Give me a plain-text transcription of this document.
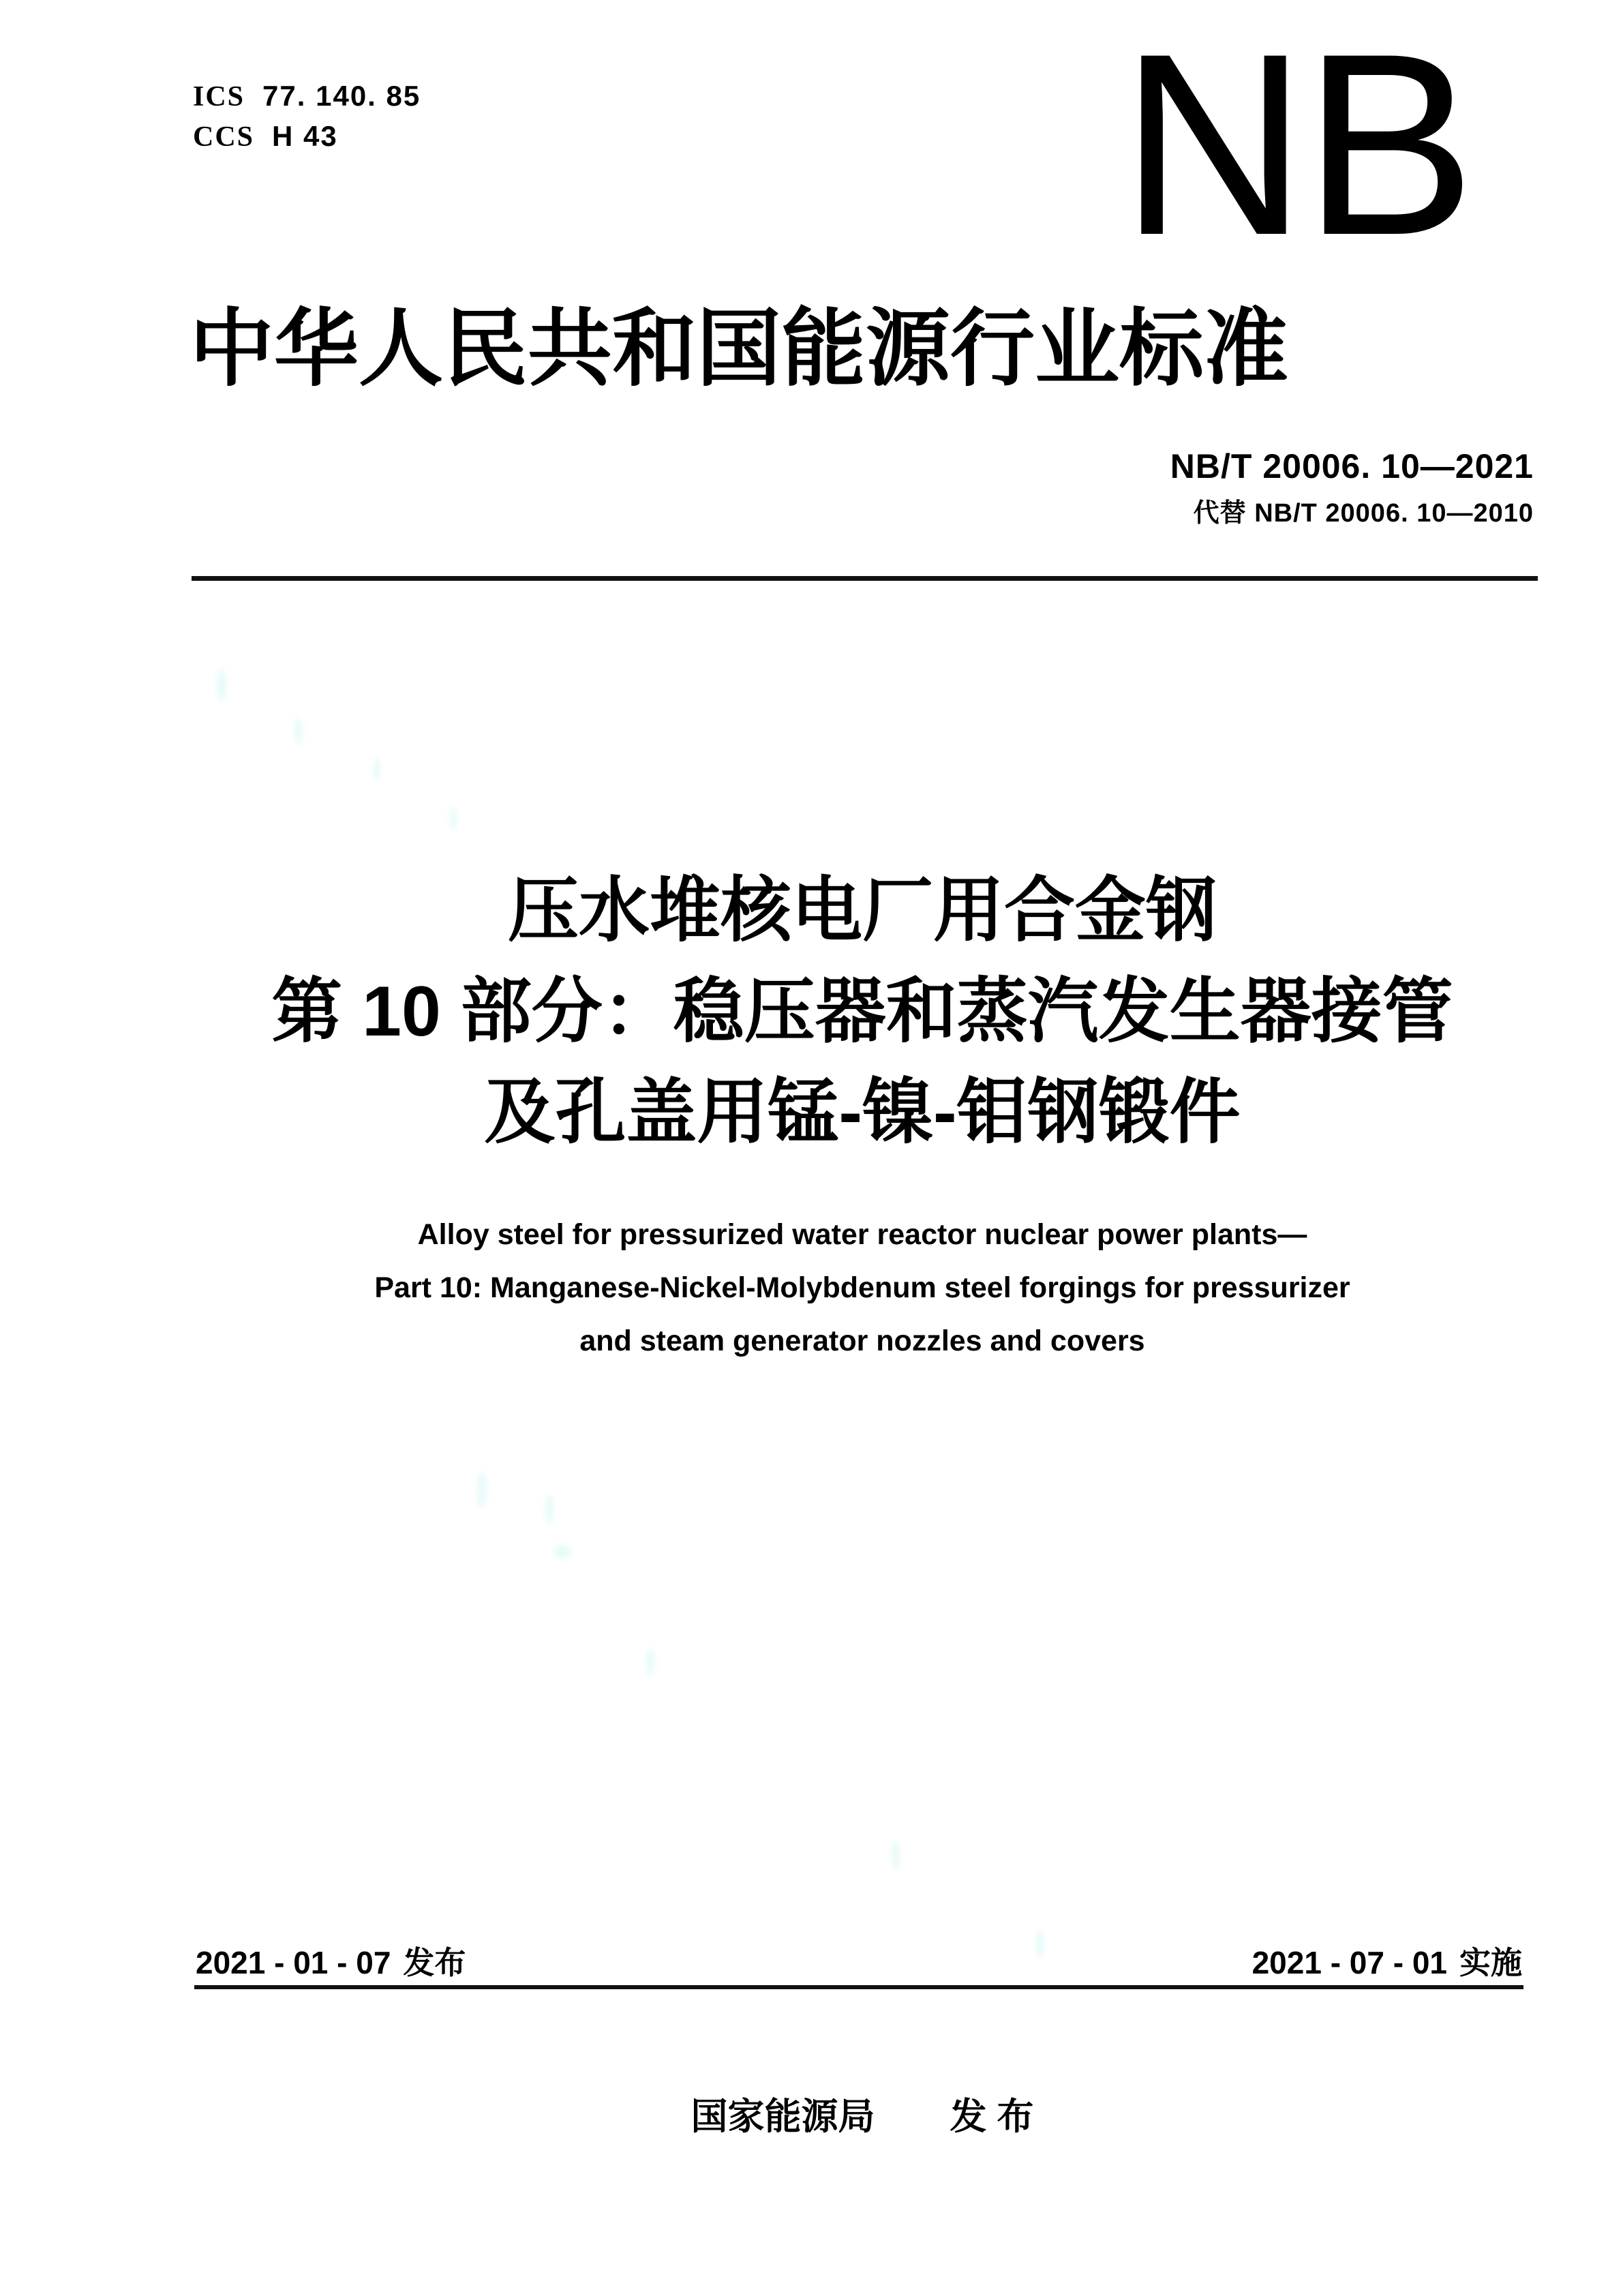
ICS 77. 140. 85
CCS H 43	NB
中华人民共和国能源行业标准
NB/T 20006. 10—2021
代替 NB/T 20006. 10—2010
压水堆核电厂用合金钢
第 10 部分：稳压器和蒸汽发生器接管
及孔盖用锰-镍-钼钢锻件
Alloy steel for pressurized water reactor nuclear power plants—
Part 10: Manganese-Nickel-Molybdenum steel forgings for pressurizer
and steam generator nozzles and covers
2021 - 01 - 07 发布	2021 - 07 - 01 实施
国家能源局 发 布
